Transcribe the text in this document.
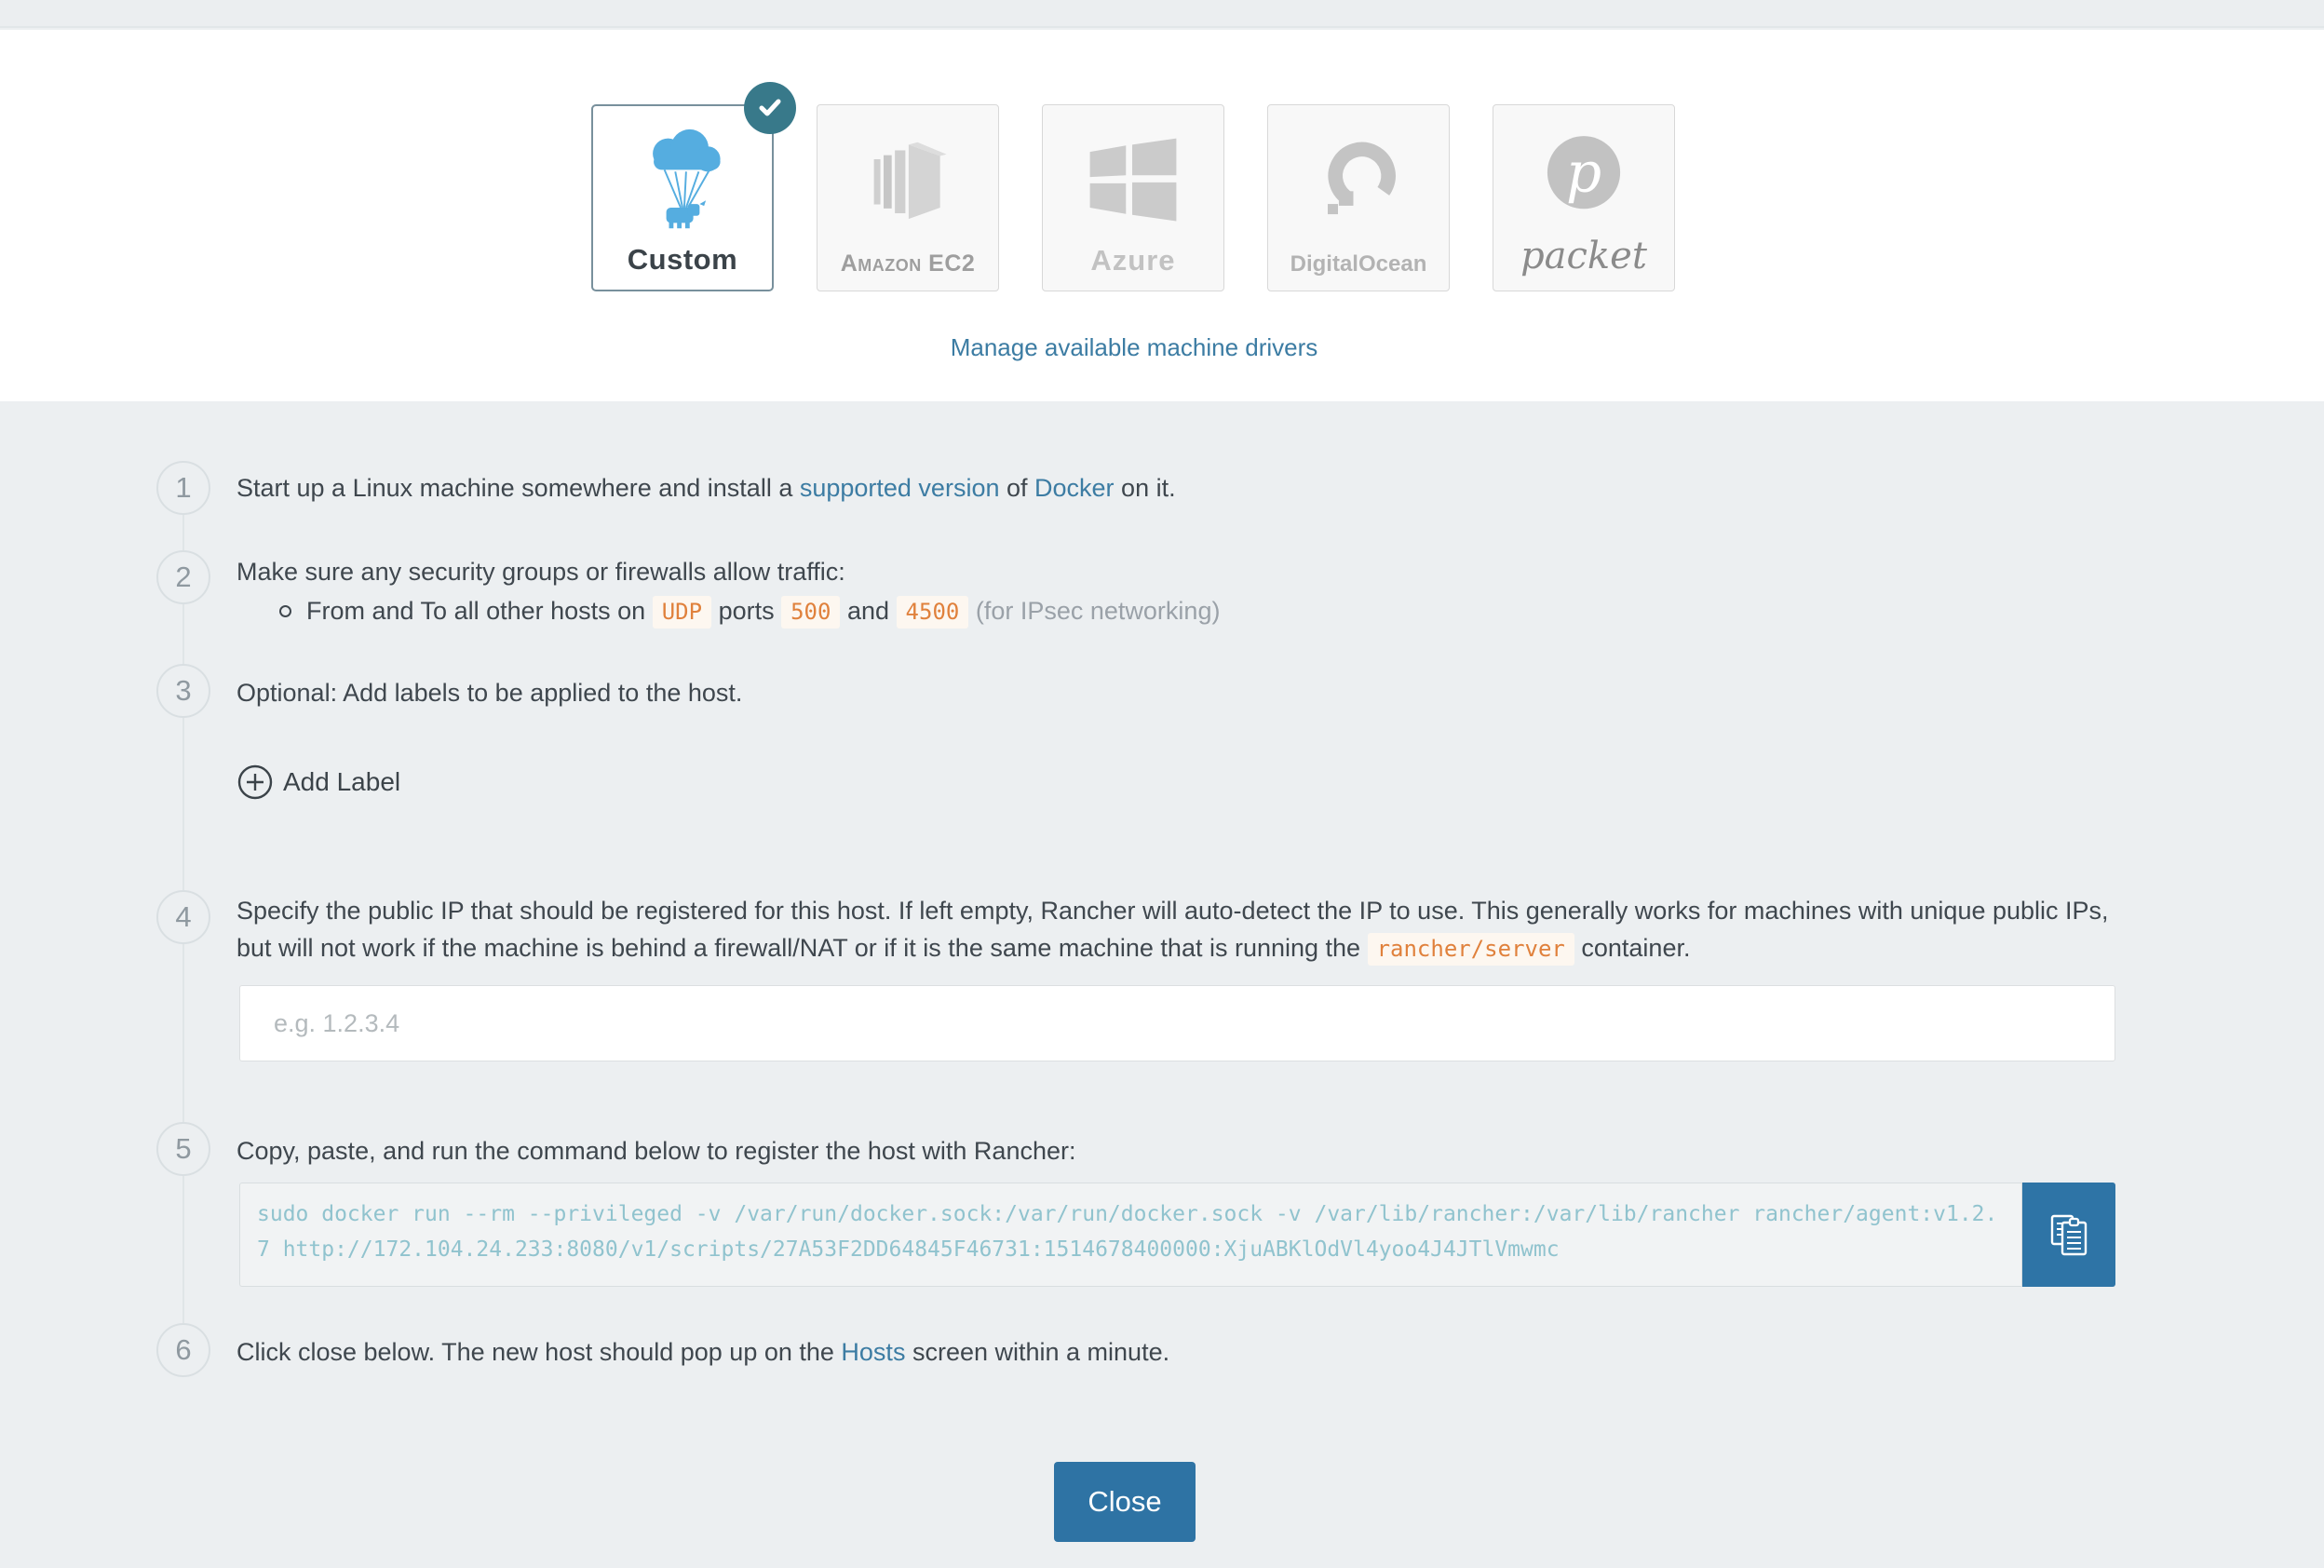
Custom	Amazon EC2	Azure	DigitalOcean
p
packet
Manage available machine drivers
1
2
3
4
5
6
Start up a Linux machine somewhere and install a supported version of Docker on it.
Make sure any security groups or firewalls allow traffic:
From and To all other hosts on UDP ports 500 and 4500 (for IPsec networking)
Optional: Add labels to be applied to the host.
Add Label
Specify the public IP that should be registered for this host. If left empty, Rancher will auto-detect the IP to use. This generally works for machines with unique public IPs, but will not work if the machine is behind a firewall/NAT or if it is the same machine that is running the rancher/server container.
e.g. 1.2.3.4
Copy, paste, and run the command below to register the host with Rancher:
sudo docker run --rm --privileged -v /var/run/docker.sock:/var/run/docker.sock -v /var/lib/rancher:/var/lib/rancher rancher/agent:v1.2.7 http://172.104.24.233:8080/v1/scripts/27A53F2DD64845F46731:1514678400000:XjuABKlOdVl4yoo4J4JTlVmwmc
Click close below. The new host should pop up on the Hosts screen within a minute.
Close
